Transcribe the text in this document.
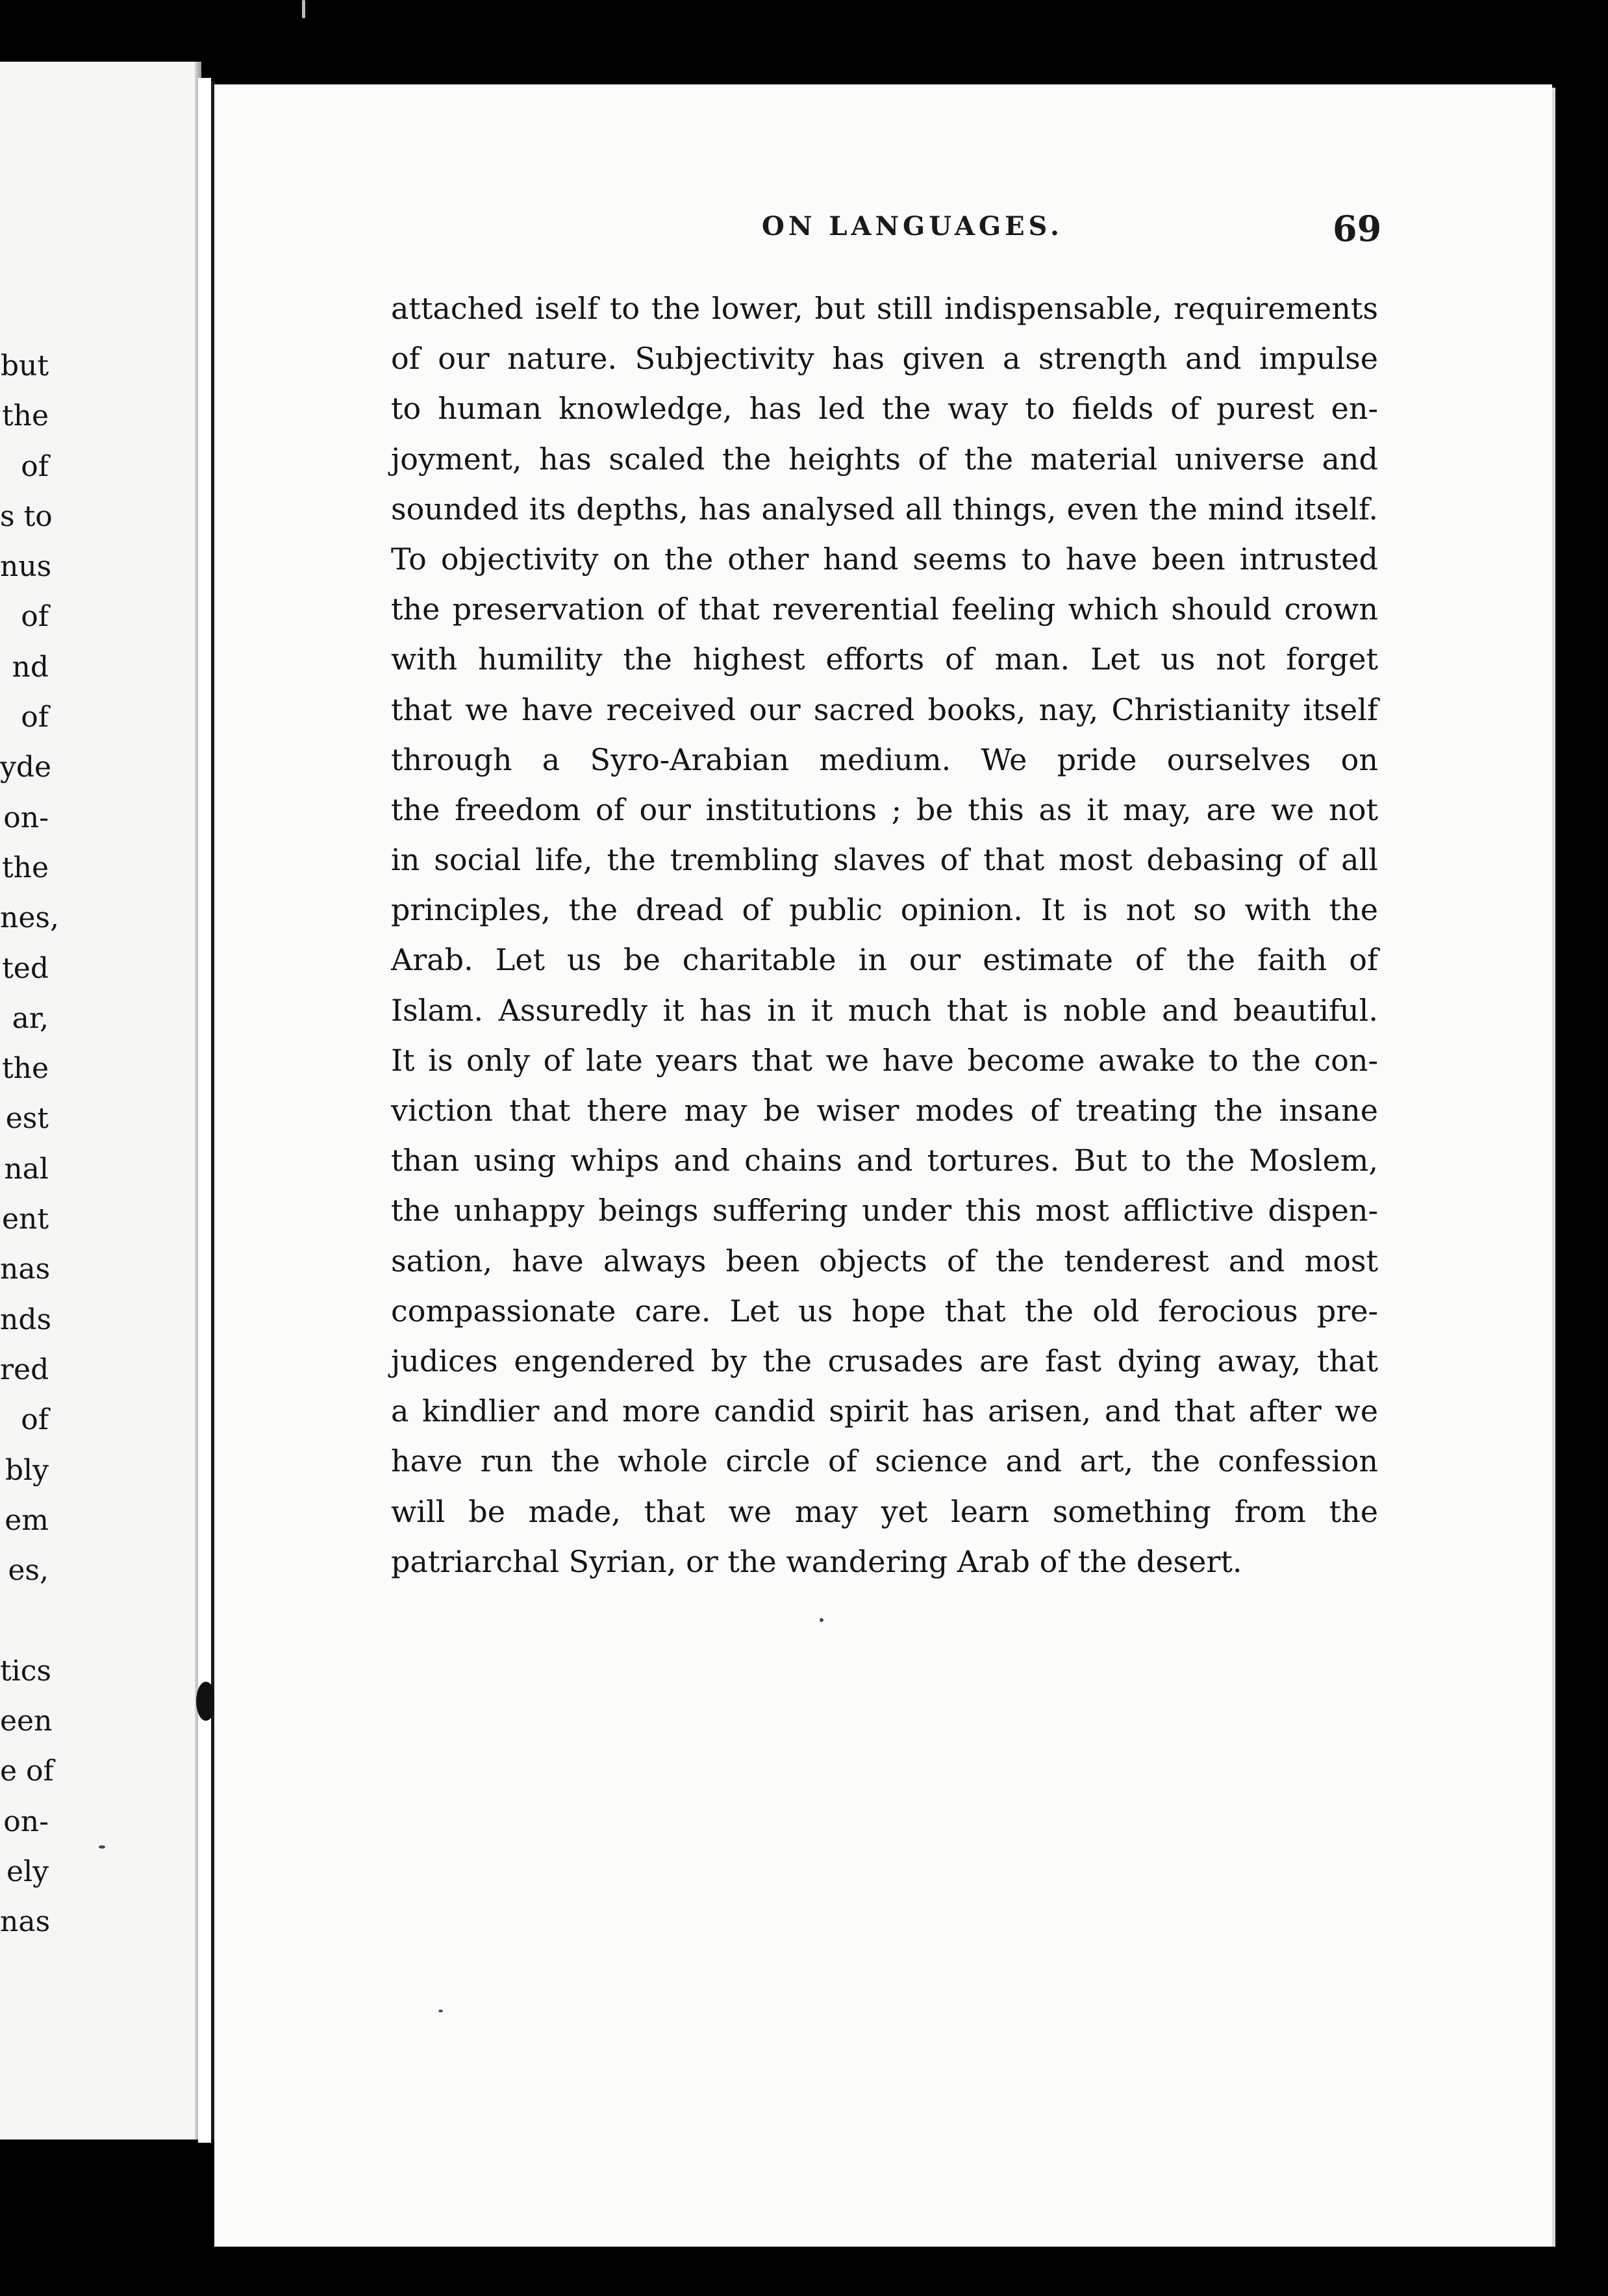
but
the
of
s to
nus
of
nd
of
yde
on-
the
nes,
ted
ar,
the
est
nal
ent
nas
nds
red
of
bly
em
es,
tics
een
e of
on-
ely
nas
ON LANGUAGES.	69
attached iself to the lower, but still indispensable, requirements
of our nature. Subjectivity has given a strength and impulse
to human knowledge, has led the way to fields of purest en-
joyment, has scaled the heights of the material universe and
sounded its depths, has analysed all things, even the mind itself.
To objectivity on the other hand seems to have been intrusted
the preservation of that reverential feeling which should crown
with humility the highest efforts of man. Let us not forget
that we have received our sacred books, nay, Christianity itself
through a Syro-Arabian medium. We pride ourselves on
the freedom of our institutions ; be this as it may, are we not
in social life, the trembling slaves of that most debasing of all
principles, the dread of public opinion. It is not so with the
Arab. Let us be charitable in our estimate of the faith of
Islam. Assuredly it has in it much that is noble and beautiful.
It is only of late years that we have become awake to the con-
viction that there may be wiser modes of treating the insane
than using whips and chains and tortures. But to the Moslem,
the unhappy beings suffering under this most afflictive dispen-
sation, have always been objects of the tenderest and most
compassionate care. Let us hope that the old ferocious pre-
judices engendered by the crusades are fast dying away, that
a kindlier and more candid spirit has arisen, and that after we
have run the whole circle of science and art, the confession
will be made, that we may yet learn something from the
patriarchal Syrian, or the wandering Arab of the desert.
